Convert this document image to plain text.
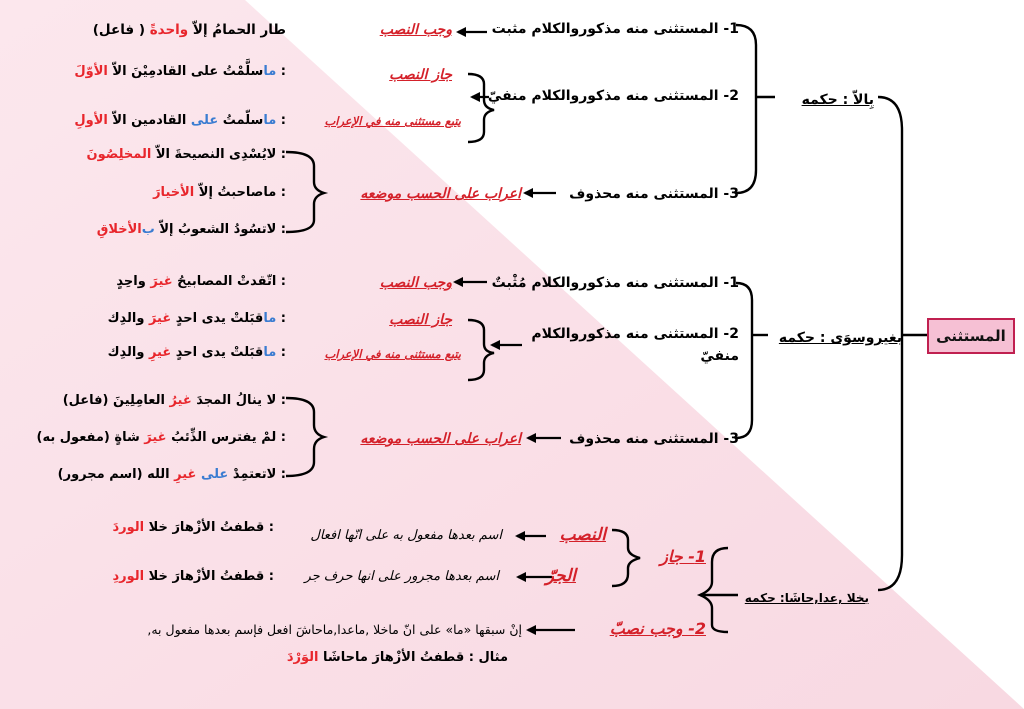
المستثنى
بِالاّ : حكمه
1- المستثنى منه مذكوروالكلام مثبت
وجب النصب
طار الحمامُ إلاّ واحدةً ( فاعل)
2- المستثنى منه مذكوروالكلام منفيّ
جاز النصب
يتبع مستثنى منه في الإعراب
: ماسلَّمْتُ على القادمِيْنَ الاّ الأوّلَ
: ماسلّمتُ على القادمين الاّ الأولِ
3- المستثنى منه محذوف
اعراب على الحسب موضعه
: لايُسْدِى النصيحةَ الاّ المخلِصُونَ
: ماصاحبتُ إلاّ الأخيارَ
: لاتسُودُ الشعوبُ إلاّ بالأخلاقِ
بغيروسوَى : حكمه
1- المستثنى منه مذكوروالكلام مُثْبتٌ
وجب النصب
: اتّقدتْ المصابيحُ غيرَ واحِدٍ
2- المستثنى منه مذكوروالكلام
منفيّ
جاز النصب
يتبع مستثنى منه في الإعراب
: ماقبَلتْ يدى احدٍ غيرَ والدِك
: ماقبَلتْ يدى احدٍ غيرِ والدِك
3- المستثنى منه محذوف
اعراب على الحسب موضعه
: لا ينالُ المجدَ غيرُ العامِلِينَ (فاعل)
: لمْ يفترس الذِّئبُ غيرَ شاةٍ (مفعول به)
: لاتعتمِدْ على غيرِ الله (اسم مجرور)
بخلا ,عدا,حاشَا: حكمه
1- جاز
النصب
اسم بعدها مفعول به على انّها افعال
: قطفتُ الأزْهارَ خلا الوردَ
الجرّ
اسم بعدها مجرور على انها حرف جر
: قطفتُ الأزْهارَ خلا الوردِ
2- وجب نصبّ
إنْ سبقها «ما» على انّ ماخلا ,ماعدا,ماحاشَ افعل فإسم بعدها مفعول به,
مثال : قطفتُ الأزْهارَ ماحاشَا الوَرْدَ
